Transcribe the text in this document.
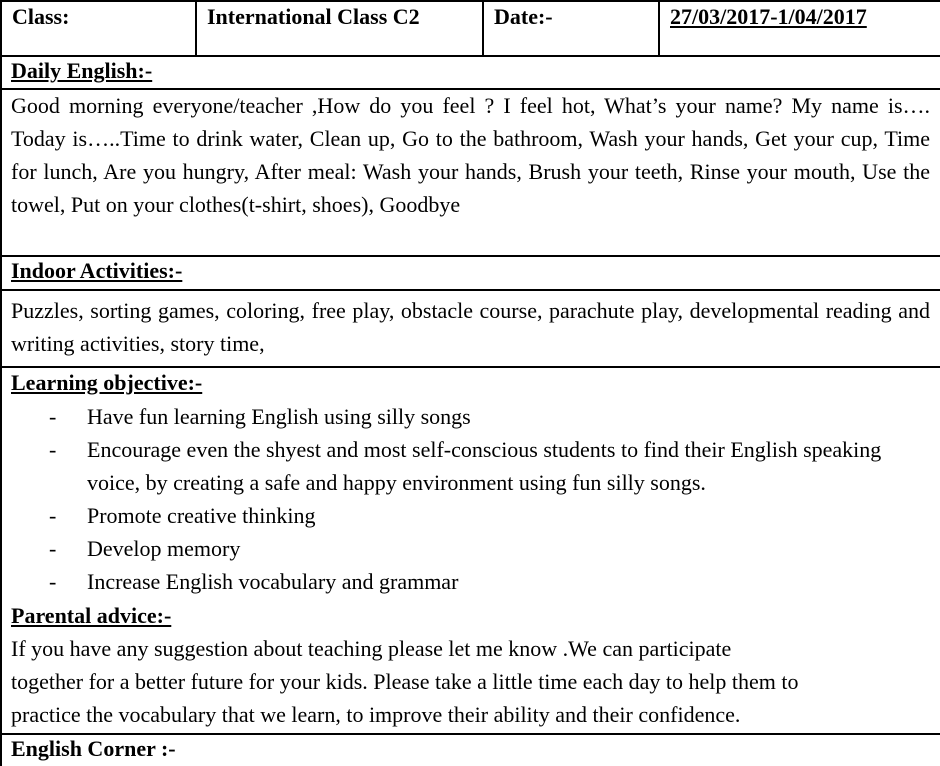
Class:	International Class C2	Date:-	27/03/2017-1/04/2017
Daily English:-
Good morning everyone/teacher ,How do you feel ? I feel hot, What’s your name? My name is…. Today is…..Time to drink water, Clean up, Go to the bathroom, Wash your hands, Get your cup, Time for lunch, Are you hungry, After meal: Wash your hands, Brush your teeth, Rinse your mouth, Use the towel, Put on your clothes(t-shirt, shoes), Goodbye
Indoor Activities:-
Puzzles, sorting games, coloring, free play, obstacle course, parachute play, developmental reading and writing activities, story time,
Learning objective:-
- Have fun learning English using silly songs
- Encourage even the shyest and most self-conscious students to find their English speaking voice, by creating a safe and happy environment using fun silly songs.
- Promote creative thinking
- Develop memory
- Increase English vocabulary and grammar
Parental advice:-
If you have any suggestion about teaching please let me know .We can participate
together for a better future for your kids. Please take a little time each day to help them to
practice the vocabulary that we learn, to improve their ability and their confidence.
English Corner :-
